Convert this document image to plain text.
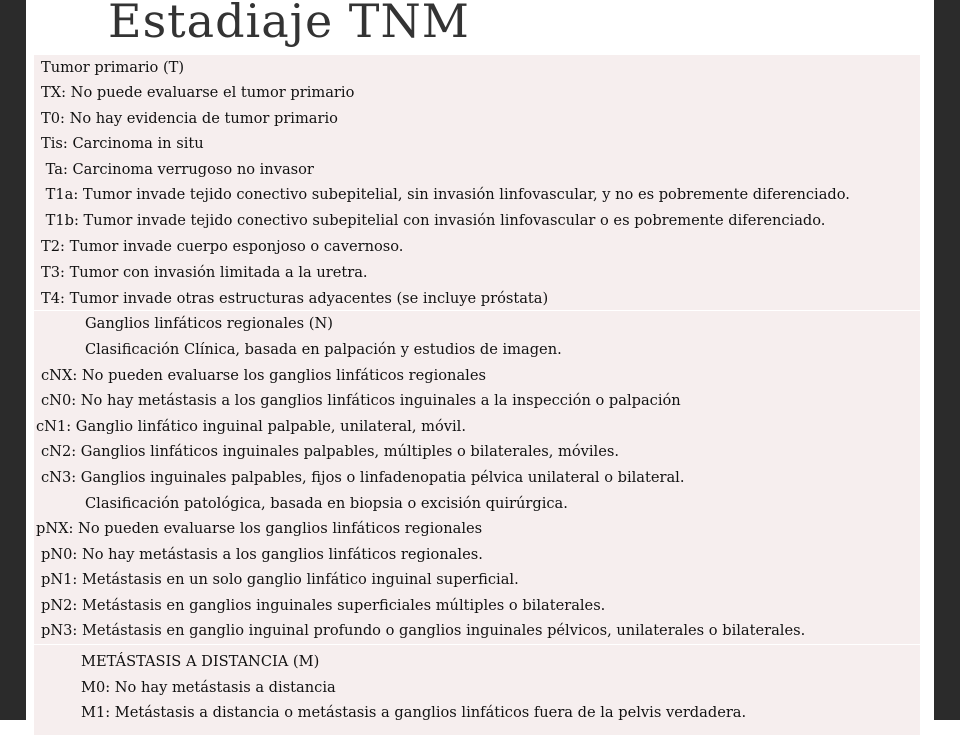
Estadiaje TNM
Tumor primario (T)
TX: No puede evaluarse el tumor primario
T0: No hay evidencia de tumor primario
Tis: Carcinoma in situ
Ta: Carcinoma verrugoso no invasor
T1a: Tumor invade tejido conectivo subepitelial, sin invasión linfovascular, y no es pobremente diferenciado.
T1b: Tumor invade tejido conectivo subepitelial con invasión linfovascular o es pobremente diferenciado.
T2: Tumor invade cuerpo esponjoso o cavernoso.
T3: Tumor con invasión limitada a la uretra.
T4: Tumor invade otras estructuras adyacentes (se incluye próstata)
Ganglios linfáticos regionales (N)
Clasificación Clínica, basada en palpación y estudios de imagen.
cNX: No pueden evaluarse los ganglios linfáticos regionales
cN0: No hay metástasis a los ganglios linfáticos inguinales a la inspección o palpación
cN1: Ganglio linfático inguinal palpable, unilateral, móvil.
cN2: Ganglios linfáticos inguinales palpables, múltiples o bilaterales, móviles.
cN3: Ganglios inguinales palpables, fijos o linfadenopatia pélvica unilateral o bilateral.
Clasificación patológica, basada en biopsia o excisión quirúrgica.
pNX: No pueden evaluarse los ganglios linfáticos regionales
pN0: No hay metástasis a los ganglios linfáticos regionales.
pN1: Metástasis en un solo ganglio linfático inguinal superficial.
pN2: Metástasis en ganglios inguinales superficiales múltiples o bilaterales.
pN3: Metástasis en ganglio inguinal profundo o ganglios inguinales pélvicos, unilaterales o bilaterales.
METÁSTASIS A DISTANCIA (M)
M0: No hay metástasis a distancia
M1: Metástasis a distancia o metástasis a ganglios linfáticos fuera de la pelvis verdadera.
